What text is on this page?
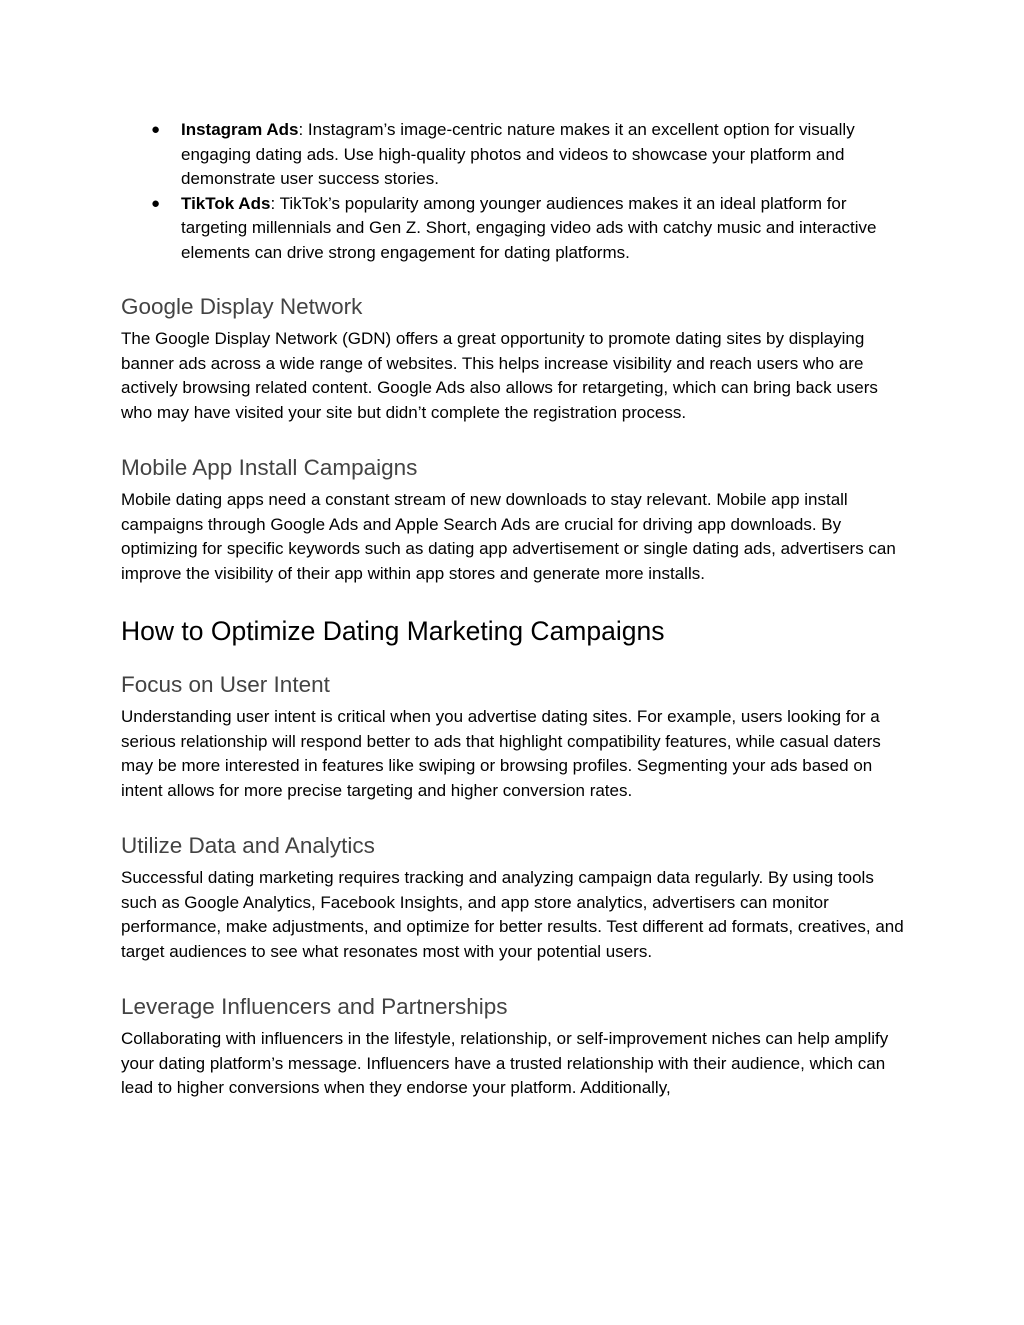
● Instagram Ads: Instagram’s image-centric nature makes it an excellent option for visually engaging dating ads. Use high-quality photos and videos to showcase your platform and demonstrate user success stories.
● TikTok Ads: TikTok’s popularity among younger audiences makes it an ideal platform for targeting millennials and Gen Z. Short, engaging video ads with catchy music and interactive elements can drive strong engagement for dating platforms.
Google Display Network

The Google Display Network (GDN) offers a great opportunity to promote dating sites by displaying banner ads across a wide range of websites. This helps increase visibility and reach users who are actively browsing related content. Google Ads also allows for retargeting, which can bring back users who may have visited your site but didn’t complete the registration process.

Mobile App Install Campaigns

Mobile dating apps need a constant stream of new downloads to stay relevant. Mobile app install campaigns through Google Ads and Apple Search Ads are crucial for driving app downloads. By optimizing for specific keywords such as dating app advertisement or single dating ads, advertisers can improve the visibility of their app within app stores and generate more installs.

How to Optimize Dating Marketing Campaigns
Focus on User Intent

Understanding user intent is critical when you advertise dating sites. For example, users looking for a serious relationship will respond better to ads that highlight compatibility features, while casual daters may be more interested in features like swiping or browsing profiles. Segmenting your ads based on intent allows for more precise targeting and higher conversion rates.

Utilize Data and Analytics

Successful dating marketing requires tracking and analyzing campaign data regularly. By using tools such as Google Analytics, Facebook Insights, and app store analytics, advertisers can monitor performance, make adjustments, and optimize for better results. Test different ad formats, creatives, and target audiences to see what resonates most with your potential users.

Leverage Influencers and Partnerships

Collaborating with influencers in the lifestyle, relationship, or self-improvement niches can help amplify your dating platform’s message. Influencers have a trusted relationship with their audience, which can lead to higher conversions when they endorse your platform. Additionally,
